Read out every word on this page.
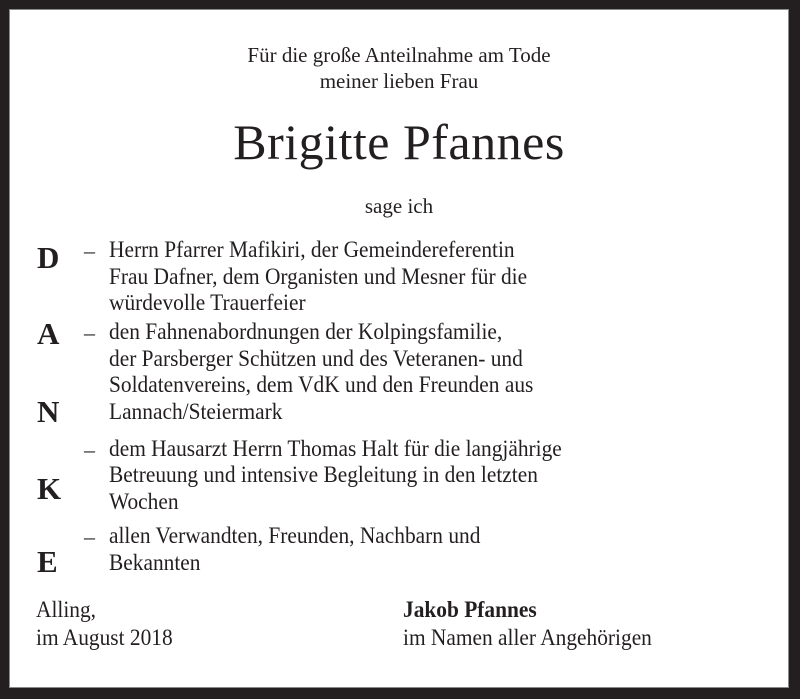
Für die große Anteilnahme am Tode
meiner lieben Frau
Brigitte Pfannes
sage ich
D
A
N
K
E
– Herrn Pfarrer Mafikiri, der Gemeindereferentin
Frau Dafner, dem Organisten und Mesner für die
würdevolle Trauerfeier
– den Fahnenabordnungen der Kolpingsfamilie,
der Parsberger Schützen und des Veteranen- und
Soldatenvereins, dem VdK und den Freunden aus
Lannach/Steiermark
– dem Hausarzt Herrn Thomas Halt für die langjährige
Betreuung und intensive Begleitung in den letzten
Wochen
– allen Verwandten, Freunden, Nachbarn und
Bekannten
Alling,
im August 2018
Jakob Pfannes
im Namen aller Angehörigen
